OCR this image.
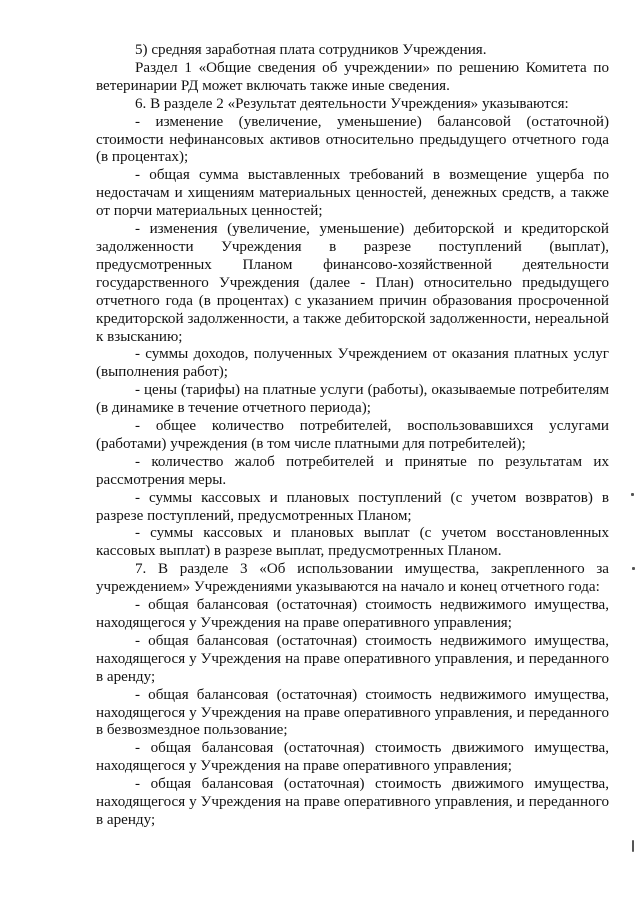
5) средняя заработная плата сотрудников Учреждения.

Раздел 1 «Общие сведения об учреждении» по решению Комитета по ветеринарии РД может включать также иные сведения.

6. В разделе 2 «Результат деятельности Учреждения» указываются:

- изменение (увеличение, уменьшение) балансовой (остаточной) стоимости нефинансовых активов относительно предыдущего отчетного года (в процентах);

- общая сумма выставленных требований в возмещение ущерба по недостачам и хищениям материальных ценностей, денежных средств, а также от порчи материальных ценностей;

- изменения (увеличение, уменьшение) дебиторской и кредиторской задолженности Учреждения в разрезе поступлений (выплат), предусмотренных Планом финансово-хозяйственной деятельности государственного Учреждения (далее - План) относительно предыдущего отчетного года (в процентах) с указанием причин образования просроченной кредиторской задолженности, а также дебиторской задолженности, нереальной к взысканию;

- суммы доходов, полученных Учреждением от оказания платных услуг (выполнения работ);

- цены (тарифы) на платные услуги (работы), оказываемые потребителям (в динамике в течение отчетного периода);

- общее количество потребителей, воспользовавшихся услугами (работами) учреждения (в том числе платными для потребителей);

- количество жалоб потребителей и принятые по результатам их рассмотрения меры.

- суммы кассовых и плановых поступлений (с учетом возвратов) в разрезе поступлений, предусмотренных Планом;

- суммы кассовых и плановых выплат (с учетом восстановленных кассовых выплат) в разрезе выплат, предусмотренных Планом.

7. В разделе 3 «Об использовании имущества, закрепленного за учреждением» Учреждениями указываются на начало и конец отчетного года:

- общая балансовая (остаточная) стоимость недвижимого имущества, находящегося у Учреждения на праве оперативного управления;

- общая балансовая (остаточная) стоимость недвижимого имущества, находящегося у Учреждения на праве оперативного управления, и переданного в аренду;

- общая балансовая (остаточная) стоимость недвижимого имущества, находящегося у Учреждения на праве оперативного управления, и переданного в безвозмездное пользование;

- общая балансовая (остаточная) стоимость движимого имущества, находящегося у Учреждения на праве оперативного управления;

- общая балансовая (остаточная) стоимость движимого имущества, находящегося у Учреждения на праве оперативного управления, и переданного в аренду;
